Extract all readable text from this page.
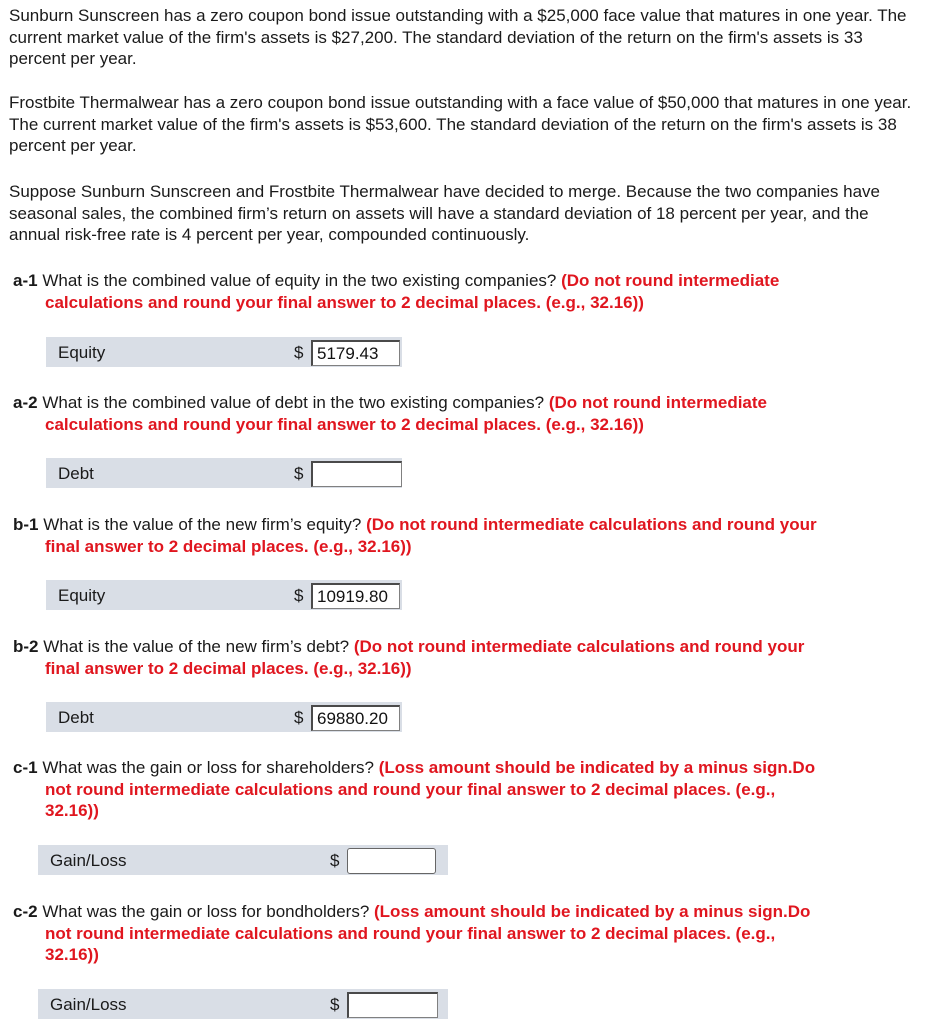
Sunburn Sunscreen has a zero coupon bond issue outstanding with a $25,000 face value that matures in one year. The current market value of the firm's assets is $27,200. The standard deviation of the return on the firm's assets is 33 percent per year.

Frostbite Thermalwear has a zero coupon bond issue outstanding with a face value of $50,000 that matures in one year. The current market value of the firm's assets is $53,600. The standard deviation of the return on the firm's assets is 38 percent per year.

Suppose Sunburn Sunscreen and Frostbite Thermalwear have decided to merge. Because the two companies have seasonal sales, the combined firm’s return on assets will have a standard deviation of 18 percent per year, and the annual risk-free rate is 4 percent per year, compounded continuously.

a-1 What is the combined value of equity in the two existing companies? (Do not round intermediate
calculations and round your final answer to 2 decimal places. (e.g., 32.16))
Equity	$ 5179.43
a-2 What is the combined value of debt in the two existing companies? (Do not round intermediate
calculations and round your final answer to 2 decimal places. (e.g., 32.16))
Debt	$
b-1 What is the value of the new firm’s equity? (Do not round intermediate calculations and round your
final answer to 2 decimal places. (e.g., 32.16))
Equity	$ 10919.80
b-2 What is the value of the new firm’s debt? (Do not round intermediate calculations and round your
final answer to 2 decimal places. (e.g., 32.16))
Debt	$ 69880.20
c-1 What was the gain or loss for shareholders? (Loss amount should be indicated by a minus sign.Do
not round intermediate calculations and round your final answer to 2 decimal places. (e.g.,
32.16))
Gain/Loss	$
c-2 What was the gain or loss for bondholders? (Loss amount should be indicated by a minus sign.Do
not round intermediate calculations and round your final answer to 2 decimal places. (e.g.,
32.16))
Gain/Loss	$
